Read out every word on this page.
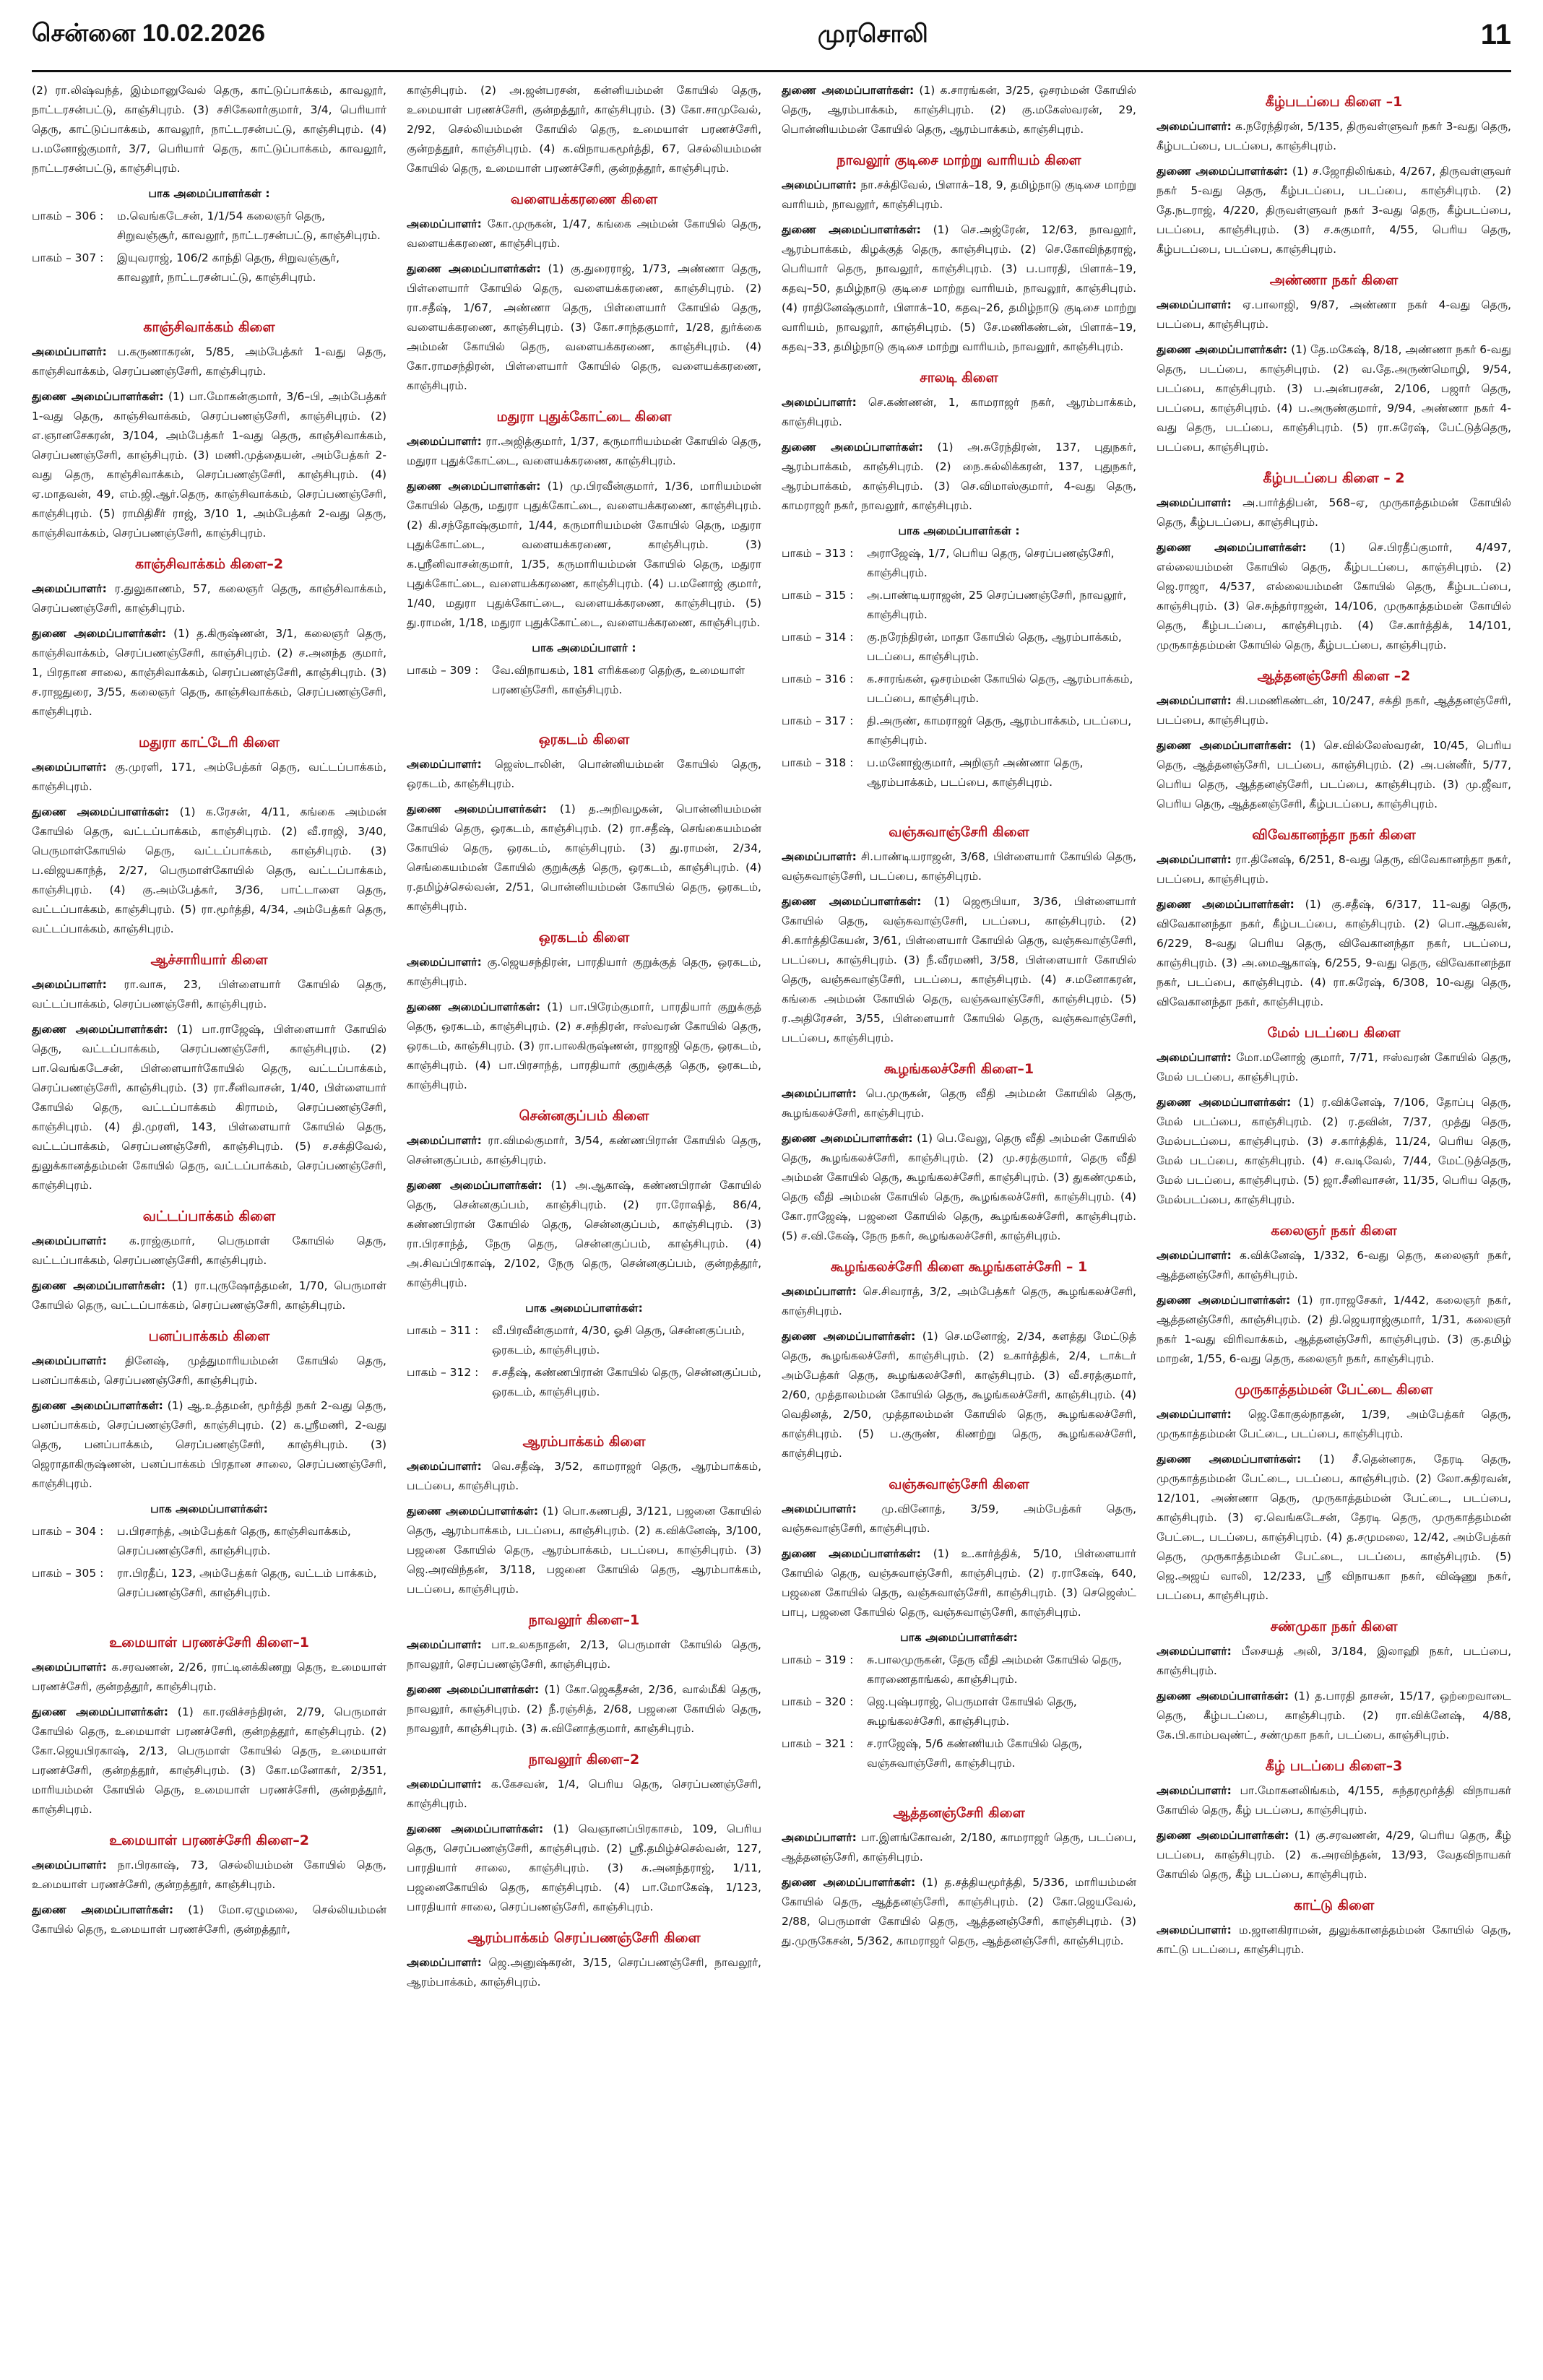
சென்னை 10.02.2026	முரசொலி	11
(2) ரா.லிஷ்வந்த், இம்மானுவேல் தெரு, காட்டுப்பாக்கம், காவலூர், நாட்டரசன்பட்டு, காஞ்சிபுரம். (3) சசிகேலார்குமார், 3/4, பெரியார் தெரு, காட்டுப்பாக்கம், காவலூர், நாட்டரசன்பட்டு, காஞ்சிபுரம். (4) ப.மனோஜ்குமார், 3/7, பெரியார் தெரு, காட்டுப்பாக்கம், காவலூர், நாட்டரசன்பட்டு, காஞ்சிபுரம்.
பாக அமைப்பாளர்கள் :
பாகம் – 306 :	ம.வெங்கடேசன், 1/1/54 கலைஞர் தெரு, சிறுவஞ்சூர், காவலூர், நாட்டரசன்பட்டு, காஞ்சிபுரம்.
பாகம் – 307 :	இயுவராஜ், 106/2 காந்தி தெரு, சிறுவஞ்சூர், காவலூர், நாட்டரசன்பட்டு, காஞ்சிபுரம்.
காஞ்சிவாக்கம் கிளை
அமைப்பாளர்: ப.கருணாகரன், 5/85, அம்பேத்கர் 1-வது தெரு, காஞ்சிவாக்கம், செரப்பணஞ்சேரி, காஞ்சிபுரம்.
துணை அமைப்பாளர்கள்: (1) பா.மோகன்குமார், 3/6–பி, அம்பேத்கர் 1-வது தெரு, காஞ்சிவாக்கம், செரப்பணஞ்சேரி, காஞ்சிபுரம். (2) எ.ஞானசேகரன், 3/104, அம்பேத்கர் 1-வது தெரு, காஞ்சிவாக்கம், செரப்பணஞ்சேரி, காஞ்சிபுரம். (3) மணி.முத்தையன், அம்பேத்கர் 2-வது தெரு, காஞ்சிவாக்கம், செரப்பணஞ்சேரி, காஞ்சிபுரம். (4) ஏ.மாதவன், 49, எம்.ஜி.ஆர்.தெரு, காஞ்சிவாக்கம், செரப்பணஞ்சேரி, காஞ்சிபுரம். (5) ராமிதிசீர் ராஜ், 3/10 1, அம்பேத்கர் 2-வது தெரு, காஞ்சிவாக்கம், செரப்பணஞ்சேரி, காஞ்சிபுரம்.
காஞ்சிவாக்கம் கிளை–2
அமைப்பாளர்: ர.துலுகாணம், 57, கலைஞர் தெரு, காஞ்சிவாக்கம், செரப்பணஞ்சேரி, காஞ்சிபுரம்.
துணை அமைப்பாளர்கள்: (1) த.கிருஷ்ணன், 3/1, கலைஞர் தெரு, காஞ்சிவாக்கம், செரப்பணஞ்சேரி, காஞ்சிபுரம். (2) ச.அனந்த குமார், 1, பிரதான சாலை, காஞ்சிவாக்கம், செரப்பணஞ்சேரி, காஞ்சிபுரம். (3) ச.ராஜதுரை, 3/55, கலைஞர் தெரு, காஞ்சிவாக்கம், செரப்பணஞ்சேரி, காஞ்சிபுரம்.
மதுரா காட்டேரி கிளை
அமைப்பாளர்: கு.முரளி, 171, அம்பேத்கர் தெரு, வட்டப்பாக்கம், காஞ்சிபுரம்.
துணை அமைப்பாளர்கள்: (1) க.ரேசன், 4/11, கங்கை அம்மன் கோயில் தெரு, வட்டப்பாக்கம், காஞ்சிபுரம். (2) வீ.ராஜி, 3/40, பெருமாள்கோயில் தெரு, வட்டப்பாக்கம், காஞ்சிபுரம். (3) ப.விஜயகாந்த், 2/27, பெருமாள்கோயில் தெரு, வட்டப்பாக்கம், காஞ்சிபுரம். (4) கு.அம்பேத்கர், 3/36, பாட்டாளை தெரு, வட்டப்பாக்கம், காஞ்சிபுரம். (5) ரா.மூர்த்தி, 4/34, அம்பேத்கர் தெரு, வட்டப்பாக்கம், காஞ்சிபுரம்.
ஆச்சாரியார் கிளை
அமைப்பாளர்: ரா.வாசு, 23, பிள்ளையார் கோயில் தெரு, வட்டப்பாக்கம், செரப்பணஞ்சேரி, காஞ்சிபுரம்.
துணை அமைப்பாளர்கள்: (1) பா.ராஜேஷ், பிள்ளையார் கோயில் தெரு, வட்டப்பாக்கம், செரப்பணஞ்சேரி, காஞ்சிபுரம். (2) பா.வெங்கடேசன், பிள்ளையார்கோயில் தெரு, வட்டப்பாக்கம், செரப்பணஞ்சேரி, காஞ்சிபுரம். (3) ரா.சீனிவாசன், 1/40, பிள்ளையார் கோயில் தெரு, வட்டப்பாக்கம் கிராமம், செரப்பணஞ்சேரி, காஞ்சிபுரம். (4) தி.முரளி, 143, பிள்ளையார் கோயில் தெரு, வட்டப்பாக்கம், செரப்பணஞ்சேரி, காஞ்சிபுரம். (5) ச.சக்திவேல், துலுக்கானத்தம்மன் கோயில் தெரு, வட்டப்பாக்கம், செரப்பணஞ்சேரி, காஞ்சிபுரம்.
வட்டப்பாக்கம் கிளை
அமைப்பாளர்: க.ராஜ்குமார், பெருமாள் கோயில் தெரு, வட்டப்பாக்கம், செரப்பணஞ்சேரி, காஞ்சிபுரம்.
துணை அமைப்பாளர்கள்: (1) ரா.புருஷோத்தமன், 1/70, பெருமாள் கோயில் தெரு, வட்டப்பாக்கம், செரப்பணஞ்சேரி, காஞ்சிபுரம்.
பனப்பாக்கம் கிளை
அமைப்பாளர்: தினேஷ், முத்துமாரியம்மன் கோயில் தெரு, பனப்பாக்கம், செரப்பணஞ்சேரி, காஞ்சிபுரம்.
துணை அமைப்பாளர்கள்: (1) ஆ.உத்தமன், மூர்த்தி நகர் 2-வது தெரு, பனப்பாக்கம், செரப்பணஞ்சேரி, காஞ்சிபுரம். (2) க.ஸ்ரீமணி, 2-வது தெரு, பனப்பாக்கம், செரப்பணஞ்சேரி, காஞ்சிபுரம். (3) ஜெராதாகிருஷ்ணன், பனப்பாக்கம் பிரதான சாலை, செரப்பணஞ்சேரி, காஞ்சிபுரம்.
பாக அமைப்பாளர்கள்:
பாகம் – 304 :	ப.பிரசாந்த், அம்பேத்கர் தெரு, காஞ்சிவாக்கம், செரப்பணஞ்சேரி, காஞ்சிபுரம்.
பாகம் – 305 :	ரா.பிரதீப், 123, அம்பேத்கர் தெரு, வட்டம் பாக்கம், செரப்பணஞ்சேரி, காஞ்சிபுரம்.
உமையாள் பரணச்சேரி கிளை–1
அமைப்பாளர்: க.சரவணன், 2/26, ராட்டினக்கிணறு தெரு, உமையாள் பரணச்சேரி, குன்றத்தூர், காஞ்சிபுரம்.
துணை அமைப்பாளர்கள்: (1) கா.ரவிச்சந்திரன், 2/79, பெருமாள் கோயில் தெரு, உமையாள் பரணச்சேரி, குன்றத்தூர், காஞ்சிபுரம். (2) கோ.ஜெயபிரகாஷ், 2/13, பெருமாள் கோயில் தெரு, உமையாள் பரணச்சேரி, குன்றத்தூர், காஞ்சிபுரம். (3) கோ.மனோகர், 2/351, மாரியம்மன் கோயில் தெரு, உமையாள் பரணச்சேரி, குன்றத்தூர், காஞ்சிபுரம்.
உமையாள் பரணச்சேரி கிளை–2
அமைப்பாளர்: நா.பிரகாஷ், 73, செல்லியம்மன் கோயில் தெரு, உமையாள் பரணச்சேரி, குன்றத்தூர், காஞ்சிபுரம்.
துணை அமைப்பாளர்கள்: (1) மோ.ஏழுமலை, செல்லியம்மன் கோயில் தெரு, உமையாள் பரணச்சேரி, குன்றத்தூர்,
காஞ்சிபுரம். (2) அ.ஜன்பரசன், கன்னியம்மன் கோயில் தெரு, உமையாள் பரணச்சேரி, குன்றத்தூர், காஞ்சிபுரம். (3) கோ.சாமுவேல், 2/92, செல்லியம்மன் கோயில் தெரு, உமையாள் பரணச்சேரி, குன்றத்தூர், காஞ்சிபுரம். (4) க.விநாயகமூர்த்தி, 67, செல்லியம்மன் கோயில் தெரு, உமையாள் பரணச்சேரி, குன்றத்தூர், காஞ்சிபுரம்.
வளையக்கரணை கிளை
அமைப்பாளர்: கோ.முருகன், 1/47, கங்கை அம்மன் கோயில் தெரு, வளையக்கரணை, காஞ்சிபுரம்.
துணை அமைப்பாளர்கள்: (1) கு.துரைராஜ், 1/73, அண்ணா தெரு, பிள்ளையார் கோயில் தெரு, வளையக்கரணை, காஞ்சிபுரம். (2) ரா.சதீஷ், 1/67, அண்ணா தெரு, பிள்ளையார் கோயில் தெரு, வளையக்கரணை, காஞ்சிபுரம். (3) கோ.சாந்தகுமார், 1/28, துர்க்கை அம்மன் கோயில் தெரு, வளையக்கரணை, காஞ்சிபுரம். (4) கோ.ராமசந்திரன், பிள்ளையார் கோயில் தெரு, வளையக்கரணை, காஞ்சிபுரம்.
மதுரா புதுக்கோட்டை கிளை
அமைப்பாளர்: ரா.அஜித்குமார், 1/37, கருமாரியம்மன் கோயில் தெரு, மதுரா புதுக்கோட்டை, வளையக்கரணை, காஞ்சிபுரம்.
துணை அமைப்பாளர்கள்: (1) மு.பிரவீன்குமார், 1/36, மாரியம்மன் கோயில் தெரு, மதுரா புதுக்கோட்டை, வளையக்கரணை, காஞ்சிபுரம். (2) கி.சந்தோஷ்குமார், 1/44, கருமாரியம்மன் கோயில் தெரு, மதுரா புதுக்கோட்டை, வளையக்கரணை, காஞ்சிபுரம். (3) க.ஸ்ரீனிவாசன்குமார், 1/35, கருமாரியம்மன் கோயில் தெரு, மதுரா புதுக்கோட்டை, வளையக்கரணை, காஞ்சிபுரம். (4) ப.மனோஜ் குமார், 1/40, மதுரா புதுக்கோட்டை, வளையக்கரணை, காஞ்சிபுரம். (5) து.ராமன், 1/18, மதுரா புதுக்கோட்டை, வளையக்கரணை, காஞ்சிபுரம்.
பாக அமைப்பாளர் :
பாகம் – 309 :	வே.விநாயகம், 181 எரிக்கரை தெற்கு, உமையாள் பரணஞ்சேரி, காஞ்சிபுரம்.
ஒரகடம் கிளை
அமைப்பாளர்: ஜெஸ்டாலின், பொன்னியம்மன் கோயில் தெரு, ஒரகடம், காஞ்சிபுரம்.
துணை அமைப்பாளர்கள்: (1) த.அறிவழகன், பொன்னியம்மன் கோயில் தெரு, ஒரகடம், காஞ்சிபுரம். (2) ரா.சதீஷ், செங்கையம்மன் கோயில் தெரு, ஒரகடம், காஞ்சிபுரம். (3) து.ராமன், 2/34, செங்கையம்மன் கோயில் குறுக்குத் தெரு, ஒரகடம், காஞ்சிபுரம். (4) ர.தமிழ்ச்செல்வன், 2/51, பொன்னியம்மன் கோயில் தெரு, ஒரகடம், காஞ்சிபுரம்.
ஒரகடம் கிளை
அமைப்பாளர்: கு.ஜெயசந்திரன், பாரதியார் குறுக்குத் தெரு, ஒரகடம், காஞ்சிபுரம்.
துணை அமைப்பாளர்கள்: (1) பா.பிரேம்குமார், பாரதியார் குறுக்குத் தெரு, ஒரகடம், காஞ்சிபுரம். (2) ச.சந்திரன், ஈஸ்வரன் கோயில் தெரு, ஒரகடம், காஞ்சிபுரம். (3) ரா.பாலகிருஷ்ணன், ராஜாஜி தெரு, ஒரகடம், காஞ்சிபுரம். (4) பா.பிரசாந்த், பாரதியார் குறுக்குத் தெரு, ஒரகடம், காஞ்சிபுரம்.
சென்னகுப்பம் கிளை
அமைப்பாளர்: ரா.விமல்குமார், 3/54, கண்ணபிரான் கோயில் தெரு, சென்னகுப்பம், காஞ்சிபுரம்.
துணை அமைப்பாளர்கள்: (1) அ.ஆகாஷ், கண்ணபிரான் கோயில் தெரு, சென்னகுப்பம், காஞ்சிபுரம். (2) ரா.ரோஷித், 86/4, கண்ணபிரான் கோயில் தெரு, சென்னகுப்பம், காஞ்சிபுரம். (3) ரா.பிரசாந்த், நேரு தெரு, சென்னகுப்பம், காஞ்சிபுரம். (4) அ.சிவப்பிரகாஷ், 2/102, நேரு தெரு, சென்னகுப்பம், குன்றத்தூர், காஞ்சிபுரம்.
பாக அமைப்பாளர்கள்:
பாகம் – 311 :	வீ.பிரவீன்குமார், 4/30, ஓசி தெரு, சென்னகுப்பம், ஒரகடம், காஞ்சிபுரம்.
பாகம் – 312 :	ச.சதீஷ், கண்ணபிரான் கோயில் தெரு, சென்னகுப்பம், ஒரகடம், காஞ்சிபுரம்.
ஆரம்பாக்கம் கிளை
அமைப்பாளர்: வெ.சதீஷ், 3/52, காமராஜர் தெரு, ஆரம்பாக்கம், படப்பை, காஞ்சிபுரம்.
துணை அமைப்பாளர்கள்: (1) பொ.கணபதி, 3/121, பஜனை கோயில் தெரு, ஆரம்பாக்கம், படப்பை, காஞ்சிபுரம். (2) க.விக்னேஷ், 3/100, பஜனை கோயில் தெரு, ஆரம்பாக்கம், படப்பை, காஞ்சிபுரம். (3) ஜெ.அரவிந்தன், 3/118, பஜனை கோயில் தெரு, ஆரம்பாக்கம், படப்பை, காஞ்சிபுரம்.
நாவலூர் கிளை–1
அமைப்பாளர்: பா.உலகநாதன், 2/13, பெருமாள் கோயில் தெரு, நாவலூர், செரப்பணஞ்சேரி, காஞ்சிபுரம்.
துணை அமைப்பாளர்கள்: (1) கோ.ஜெகதீசன், 2/36, வால்மீகி தெரு, நாவலூர், காஞ்சிபுரம். (2) நீ.ரஞ்சித், 2/68, பஜனை கோயில் தெரு, நாவலூர், காஞ்சிபுரம். (3) சு.வினோத்குமார், காஞ்சிபுரம்.
நாவலூர் கிளை–2
அமைப்பாளர்: க.கேசவன், 1/4, பெரிய தெரு, செரப்பணஞ்சேரி, காஞ்சிபுரம்.
துணை அமைப்பாளர்கள்: (1) வெஞானப்பிரகாசம், 109, பெரிய தெரு, செரப்பணஞ்சேரி, காஞ்சிபுரம். (2) ஸ்ரீ.தமிழ்ச்செல்வன், 127, பாரதியார் சாலை, காஞ்சிபுரம். (3) சு.அனந்தராஜ், 1/11, பஜனைகோயில் தெரு, காஞ்சிபுரம். (4) பா.மோகேஷ், 1/123, பாரதியார் சாலை, செரப்பணஞ்சேரி, காஞ்சிபுரம்.
ஆரம்பாக்கம் செரப்பணஞ்சேரி கிளை
அமைப்பாளர்: ஜெ.அனுஷ்கரன், 3/15, செரப்பணஞ்சேரி, நாவலூர், ஆரம்பாக்கம், காஞ்சிபுரம்.
துணை அமைப்பாளர்கள்: (1) க.சாரங்கன், 3/25, ஒசரம்மன் கோயில் தெரு, ஆரம்பாக்கம், காஞ்சிபுரம். (2) கு.மகேஸ்வரன், 29, பொன்னியம்மன் கோயில் தெரு, ஆரம்பாக்கம், காஞ்சிபுரம்.
நாவலூர் குடிசை மாற்று வாரியம் கிளை
அமைப்பாளர்: நா.சக்திவேல், பிளாக்–18, 9, தமிழ்நாடு குடிசை மாற்று வாரியம், நாவலூர், காஞ்சிபுரம்.
துணை அமைப்பாளர்கள்: (1) செ.அஜ்ரேன், 12/63, நாவலூர், ஆரம்பாக்கம், கிழக்குத் தெரு, காஞ்சிபுரம். (2) செ.கோவிந்தராஜ், பெரியார் தெரு, நாவலூர், காஞ்சிபுரம். (3) ப.பாரதி, பிளாக்–19, கதவு–50, தமிழ்நாடு குடிசை மாற்று வாரியம், நாவலூர், காஞ்சிபுரம். (4) ராதினேஷ்குமார், பிளாக்–10, கதவு–26, தமிழ்நாடு குடிசை மாற்று வாரியம், நாவலூர், காஞ்சிபுரம். (5) சே.மணிகண்டன், பிளாக்–19, கதவு–33, தமிழ்நாடு குடிசை மாற்று வாரியம், நாவலூர், காஞ்சிபுரம்.
சாலடி கிளை
அமைப்பாளர்: செ.கண்ணன், 1, காமராஜர் நகர், ஆரம்பாக்கம், காஞ்சிபுரம்.
துணை அமைப்பாளர்கள்: (1) அ.சுரேந்திரன், 137, புதுநகர், ஆரம்பாக்கம், காஞ்சிபுரம். (2) நை.சுல்லிக்கரன், 137, புதுநகர், ஆரம்பாக்கம், காஞ்சிபுரம். (3) செ.விமாஸ்குமார், 4-வது தெரு, காமராஜர் நகர், நாவலூர், காஞ்சிபுரம்.
பாக அமைப்பாளர்கள் :
பாகம் – 313 :	அராஜேஷ், 1/7, பெரிய தெரு, செரப்பணஞ்சேரி, காஞ்சிபுரம்.
பாகம் – 315 :	அ.பாண்டியராஜன், 25 செரப்பணஞ்சேரி, நாவலூர், காஞ்சிபுரம்.
பாகம் – 314 :	கு.நரேந்திரன், மாதா கோயில் தெரு, ஆரம்பாக்கம், படப்பை, காஞ்சிபுரம்.
பாகம் – 316 :	க.சாரங்கன், ஒசரம்மன் கோயில் தெரு, ஆரம்பாக்கம், படப்பை, காஞ்சிபுரம்.
பாகம் – 317 :	தி.அருண், காமராஜர் தெரு, ஆரம்பாக்கம், படப்பை, காஞ்சிபுரம்.
பாகம் – 318 :	ப.மனோஜ்குமார், அறிஞர் அண்ணா தெரு, ஆரம்பாக்கம், படப்பை, காஞ்சிபுரம்.
வஞ்சுவாஞ்சேரி கிளை
அமைப்பாளர்: சி.பாண்டியராஜன், 3/68, பிள்ளையார் கோயில் தெரு, வஞ்சுவாஞ்சேரி, படப்பை, காஞ்சிபுரம்.
துணை அமைப்பாளர்கள்: (1) ஜெரூபியா, 3/36, பிள்ளையார் கோயில் தெரு, வஞ்சுவாஞ்சேரி, படப்பை, காஞ்சிபுரம். (2) சி.கார்த்திகேயன், 3/61, பிள்ளையார் கோயில் தெரு, வஞ்சுவாஞ்சேரி, படப்பை, காஞ்சிபுரம். (3) நீ.வீரமணி, 3/58, பிள்ளையார் கோயில் தெரு, வஞ்சுவாஞ்சேரி, படப்பை, காஞ்சிபுரம். (4) ச.மனோகரன், கங்கை அம்மன் கோயில் தெரு, வஞ்சுவாஞ்சேரி, காஞ்சிபுரம். (5) ர.அதிரேசன், 3/55, பிள்ளையார் கோயில் தெரு, வஞ்சுவாஞ்சேரி, படப்பை, காஞ்சிபுரம்.
கூழங்கலச்சேரி கிளை–1
அமைப்பாளர்: பெ.முருகன், தெரு வீதி அம்மன் கோயில் தெரு, கூழங்கலச்சேரி, காஞ்சிபுரம்.
துணை அமைப்பாளர்கள்: (1) பெ.வேலு, தெரு வீதி அம்மன் கோயில் தெரு, கூழங்கலச்சேரி, காஞ்சிபுரம். (2) மு.சரத்குமார், தெரு வீதி அம்மன் கோயில் தெரு, கூழங்கலச்சேரி, காஞ்சிபுரம். (3) துகண்முகம், தெரு வீதி அம்மன் கோயில் தெரு, கூழங்கலச்சேரி, காஞ்சிபுரம். (4) கோ.ராஜேஷ், பஜனை கோயில் தெரு, கூழங்கலச்சேரி, காஞ்சிபுரம். (5) ச.வி.கேஷ், நேரு நகர், கூழங்கலச்சேரி, காஞ்சிபுரம்.
கூழங்கலச்சேரி கிளை கூழங்களச்சேரி – 1
அமைப்பாளர்: செ.சிவராத், 3/2, அம்பேத்கர் தெரு, கூழங்கலச்சேரி, காஞ்சிபுரம்.
துணை அமைப்பாளர்கள்: (1) செ.மனோஜ், 2/34, களத்து மேட்டுத் தெரு, கூழங்கலச்சேரி, காஞ்சிபுரம். (2) உகார்த்திக், 2/4, டாக்டர் அம்பேத்கர் தெரு, கூழங்கலச்சேரி, காஞ்சிபுரம். (3) வீ.சரத்குமார், 2/60, முத்தாலம்மன் கோயில் தெரு, கூழங்கலச்சேரி, காஞ்சிபுரம். (4) வெதினத், 2/50, முத்தாலம்மன் கோயில் தெரு, கூழங்கலச்சேரி, காஞ்சிபுரம். (5) ப.குருண், கிணற்று தெரு, கூழங்கலச்சேரி, காஞ்சிபுரம்.
வஞ்சுவாஞ்சேரி கிளை
அமைப்பாளர்: மு.வினோத், 3/59, அம்பேத்கர் தெரு, வஞ்சுவாஞ்சேரி, காஞ்சிபுரம்.
துணை அமைப்பாளர்கள்: (1) உ.கார்த்திக், 5/10, பிள்ளையார் கோயில் தெரு, வஞ்சுவாஞ்சேரி, காஞ்சிபுரம். (2) ர.ராகேஷ், 640, பஜனை கோயில் தெரு, வஞ்சுவாஞ்சேரி, காஞ்சிபுரம். (3) செஜெஸ்ட் பாபு, பஜனை கோயில் தெரு, வஞ்சுவாஞ்சேரி, காஞ்சிபுரம்.
பாக அமைப்பாளர்கள்:
பாகம் – 319 :	சு.பாலமுருகன், தேரு வீதி அம்மன் கோயில் தெரு, காரணைதாங்கல், காஞ்சிபுரம்.
பாகம் – 320 :	ஜெ.புஷ்பராஜ், பெருமாள் கோயில் தெரு, கூழங்கலச்சேரி, காஞ்சிபுரம்.
பாகம் – 321 :	ச.ராஜேஷ், 5/6 கண்ணியம் கோயில் தெரு, வஞ்சுவாஞ்சேரி, காஞ்சிபுரம்.
ஆத்தனஞ்சேரி கிளை
அமைப்பாளர்: பா.இளங்கோவன், 2/180, காமராஜர் தெரு, படப்பை, ஆத்தனஞ்சேரி, காஞ்சிபுரம்.
துணை அமைப்பாளர்கள்: (1) த.சத்தியமூர்த்தி, 5/336, மாரியம்மன் கோயில் தெரு, ஆத்தனஞ்சேரி, காஞ்சிபுரம். (2) கோ.ஜெயவேல், 2/88, பெருமாள் கோயில் தெரு, ஆத்தனஞ்சேரி, காஞ்சிபுரம். (3) து.முருகேசன், 5/362, காமராஜர் தெரு, ஆத்தனஞ்சேரி, காஞ்சிபுரம்.
கீழ்படப்பை கிளை –1
அமைப்பாளர்: க.நரேந்திரன், 5/135, திருவள்ளுவர் நகர் 3-வது தெரு, கீழ்படப்பை, படப்பை, காஞ்சிபுரம்.
துணை அமைப்பாளர்கள்: (1) ச.ஜோதிலிங்கம், 4/267, திருவள்ளுவர் நகர் 5-வது தெரு, கீழ்படப்பை, படப்பை, காஞ்சிபுரம். (2) தே.நடராஜ், 4/220, திருவள்ளுவர் நகர் 3-வது தெரு, கீழ்படப்பை, படப்பை, காஞ்சிபுரம். (3) ச.சுகுமார், 4/55, பெரிய தெரு, கீழ்படப்பை, படப்பை, காஞ்சிபுரம்.
அண்ணா நகர் கிளை
அமைப்பாளர்: ஏ.பாலாஜி, 9/87, அண்ணா நகர் 4-வது தெரு, படப்பை, காஞ்சிபுரம்.
துணை அமைப்பாளர்கள்: (1) தே.மகேஷ், 8/18, அண்ணா நகர் 6-வது தெரு, படப்பை, காஞ்சிபுரம். (2) வ.தே.அருண்மொழி, 9/54, படப்பை, காஞ்சிபுரம். (3) ப.அன்பரசன், 2/106, பஜார் தெரு, படப்பை, காஞ்சிபுரம். (4) ப.அருண்குமார், 9/94, அண்ணா நகர் 4-வது தெரு, படப்பை, காஞ்சிபுரம். (5) ரா.சுரேஷ், பேட்டுத்தெரு, படப்பை, காஞ்சிபுரம்.
கீழ்படப்பை கிளை – 2
அமைப்பாளர்: அ.பார்த்திபன், 568–ஏ, முருகாத்தம்மன் கோயில் தெரு, கீழ்படப்பை, காஞ்சிபுரம்.
துணை அமைப்பாளர்கள்: (1) செ.பிரதீப்குமார், 4/497, எல்லையம்மன் கோயில் தெரு, கீழ்படப்பை, காஞ்சிபுரம். (2) ஜெ.ராஜா, 4/537, எல்லையம்மன் கோயில் தெரு, கீழ்படப்பை, காஞ்சிபுரம். (3) செ.சுந்தர்ராஜன், 14/106, முருகாத்தம்மன் கோயில் தெரு, கீழ்படப்பை, காஞ்சிபுரம். (4) சே.கார்த்திக், 14/101, முருகாத்தம்மன் கோயில் தெரு, கீழ்படப்பை, காஞ்சிபுரம்.
ஆத்தனஞ்சேரி கிளை –2
அமைப்பாளர்: கி.பமணிகண்டன், 10/247, சக்தி நகர், ஆத்தனஞ்சேரி, படப்பை, காஞ்சிபுரம்.
துணை அமைப்பாளர்கள்: (1) செ.வில்லேஸ்வரன், 10/45, பெரிய தெரு, ஆத்தனஞ்சேரி, படப்பை, காஞ்சிபுரம். (2) அ.பன்னீர், 5/77, பெரிய தெரு, ஆத்தனஞ்சேரி, படப்பை, காஞ்சிபுரம். (3) மு.ஜீவா, பெரிய தெரு, ஆத்தனஞ்சேரி, கீழ்படப்பை, காஞ்சிபுரம்.
விவேகானந்தா நகர் கிளை
அமைப்பாளர்: ரா.தினேஷ், 6/251, 8-வது தெரு, விவேகானந்தா நகர், படப்பை, காஞ்சிபுரம்.
துணை அமைப்பாளர்கள்: (1) கு.சதீஷ், 6/317, 11-வது தெரு, விவேகானந்தா நகர், கீழ்படப்பை, காஞ்சிபுரம். (2) பொ.ஆதவன், 6/229, 8-வது பெரிய தெரு, விவேகானந்தா நகர், படப்பை, காஞ்சிபுரம். (3) அ.மைஆகாஷ், 6/255, 9-வது தெரு, விவேகானந்தா நகர், படப்பை, காஞ்சிபுரம். (4) ரா.சுரேஷ், 6/308, 10-வது தெரு, விவேகானந்தா நகர், காஞ்சிபுரம்.
மேல் படப்பை கிளை
அமைப்பாளர்: மோ.மனோஜ் குமார், 7/71, ஈஸ்வரன் கோயில் தெரு, மேல் படப்பை, காஞ்சிபுரம்.
துணை அமைப்பாளர்கள்: (1) ர.விக்னேஷ், 7/106, தோப்பு தெரு, மேல் படப்பை, காஞ்சிபுரம். (2) ர.தவின், 7/37, முத்து தெரு, மேல்படப்பை, காஞ்சிபுரம். (3) ச.கார்த்திக், 11/24, பெரிய தெரு, மேல் படப்பை, காஞ்சிபுரம். (4) ச.வடிவேல், 7/44, மேட்டுத்தெரு, மேல் படப்பை, காஞ்சிபுரம். (5) ஜா.சீனிவாசன், 11/35, பெரிய தெரு, மேல்படப்பை, காஞ்சிபுரம்.
கலைஞர் நகர் கிளை
அமைப்பாளர்: க.விக்னேஷ், 1/332, 6-வது தெரு, கலைஞர் நகர், ஆத்தனஞ்சேரி, காஞ்சிபுரம்.
துணை அமைப்பாளர்கள்: (1) ரா.ராஜசேகர், 1/442, கலைஞர் நகர், ஆத்தனஞ்சேரி, காஞ்சிபுரம். (2) தி.ஜெயராஜ்குமார், 1/31, கலைஞர் நகர் 1-வது விரிவாக்கம், ஆத்தனஞ்சேரி, காஞ்சிபுரம். (3) கு.தமிழ் மாறன், 1/55, 6-வது தெரு, கலைஞர் நகர், காஞ்சிபுரம்.
முருகாத்தம்மன் பேட்டை கிளை
அமைப்பாளர்: ஜெ.கோகுல்நாதன், 1/39, அம்பேத்கர் தெரு, முருகாத்தம்மன் பேட்டை, படப்பை, காஞ்சிபுரம்.
துணை அமைப்பாளர்கள்: (1) சீ.தென்னரசு, தேரடி தெரு, முருகாத்தம்மன் பேட்டை, படப்பை, காஞ்சிபுரம். (2) லோ.சுதிரவன், 12/101, அண்ணா தெரு, முருகாத்தம்மன் பேட்டை, படப்பை, காஞ்சிபுரம். (3) ஏ.வெங்கடேசன், தேரடி தெரு, முருகாத்தம்மன் பேட்டை, படப்பை, காஞ்சிபுரம். (4) த.சமுமலை, 12/42, அம்பேத்கர் தெரு, முருகாத்தம்மன் பேட்டை, படப்பை, காஞ்சிபுரம். (5) ஜெ.அஜய் வாலி, 12/233, ஸ்ரீ விநாயகா நகர், விஷ்ணு நகர், படப்பை, காஞ்சிபுரம்.
சண்முகா நகர் கிளை
அமைப்பாளர்: பீசையத் அலி, 3/184, இலாஹி நகர், படப்பை, காஞ்சிபுரம்.
துணை அமைப்பாளர்கள்: (1) த.பாரதி தாசன், 15/17, ஒற்றைவாடை தெரு, கீழ்படப்பை, காஞ்சிபுரம். (2) ரா.விக்னேஷ், 4/88, கே.பி.காம்பவுண்ட், சண்முகா நகர், படப்பை, காஞ்சிபுரம்.
கீழ் படப்பை கிளை–3
அமைப்பாளர்: பா.மோகனலிங்கம், 4/155, சுந்தரமூர்த்தி விநாயகர் கோயில் தெரு, கீழ் படப்பை, காஞ்சிபுரம்.
துணை அமைப்பாளர்கள்: (1) கு.சரவணன், 4/29, பெரிய தெரு, கீழ் படப்பை, காஞ்சிபுரம். (2) க.அரவிந்தன், 13/93, வேதவிநாயகர் கோயில் தெரு, கீழ் படப்பை, காஞ்சிபுரம்.
காட்டு கிளை
அமைப்பாளர்: ம.ஜானகிராமன், துலுக்கானத்தம்மன் கோயில் தெரு, காட்டு படப்பை, காஞ்சிபுரம்.
